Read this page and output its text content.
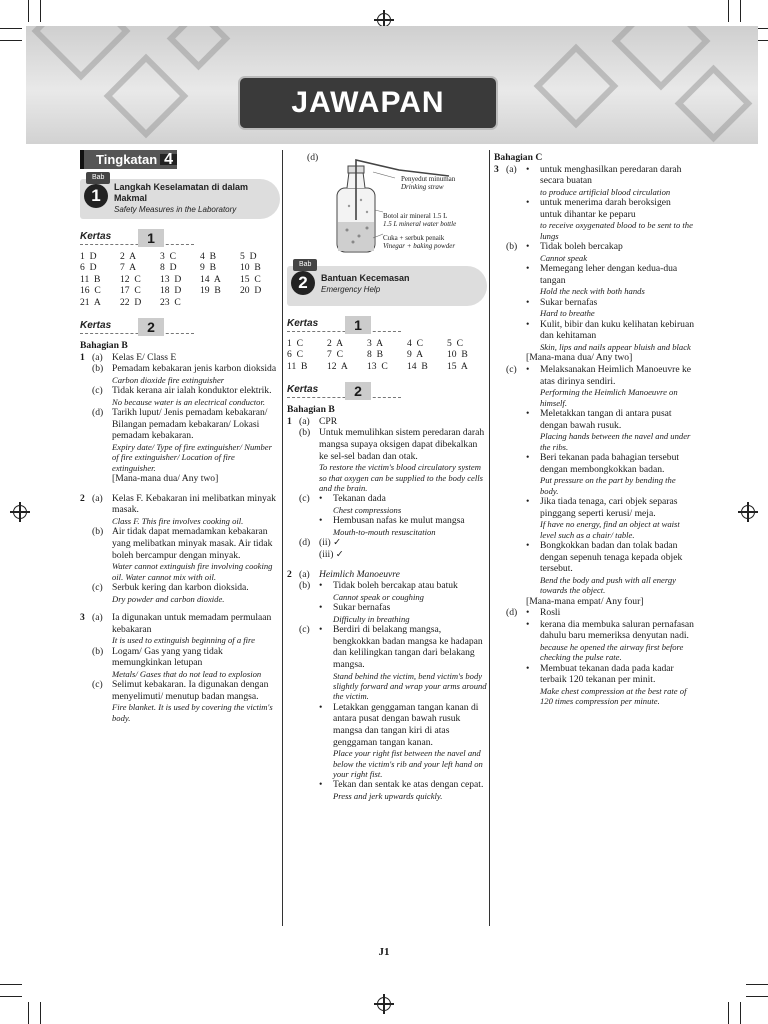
JAWAPAN
Tingkatan 4
Bab
1	Langkah Keselamatan di dalam Makmal
Safety Measures in the Laboratory
Kertas	1
1  D	2  A	3  C	4  B	5  D
6  D	7  A	8  D	9  B	10  B
11  B	12  C	13  D	14  A	15  C
16  C	17  C	18  D	19  B	20  D
21  A	22  D	23  C
Kertas	2
Bahagian B
1 (a) Kelas E/ Class E
(b) Pemadam kebakaran jenis karbon dioksida
Carbon dioxide fire extinguisher
(c) Tidak kerana air ialah konduktor elektrik.
No because water is an electrical conductor.
(d) Tarikh luput/ Jenis pemadam kebakaran/ Bilangan pemadam kebakaran/ Lokasi pemadam kebakaran.
Expiry date/ Type of fire extinguisher/ Number of fire extinguisher/ Location of fire extinguisher.
[Mana-mana dua/ Any two]
2 (a) Kelas F. Kebakaran ini melibatkan minyak masak.
Class F. This fire involves cooking oil.
(b) Air tidak dapat memadamkan kebakaran yang melibatkan minyak masak. Air tidak boleh bercampur dengan minyak.
Water cannot extinguish fire involving cooking oil. Water cannot mix with oil.
(c) Serbuk kering dan karbon dioksida.
Dry powder and carbon dioxide.
3 (a) Ia digunakan untuk memadam permulaan kebakaran
It is used to extinguish beginning of a fire
(b) Logam/ Gas yang yang tidak memungkinkan letupan
Metals/ Gases that do not lead to explosion
(c) Selimut kebakaran. Ia digunakan dengan menyelimuti/ menutup badan mangsa.
Fire blanket. It is used by covering the victim's body.
(d)
Penyedut minuman
Drinking straw
Botol air mineral 1.5 L
1.5 L mineral water bottle
Cuka + serbuk penaik
Vinegar + baking powder
Bab
2	Bantuan Kecemasan
Emergency Help
Kertas	1
1  C	2  A	3  A	4  C	5  C
6  C	7  C	8  B	9  A	10  B
11  B	12  A	13  C	14  B	15  A
Kertas	2
Bahagian B
1 (a) CPR
(b) Untuk memulihkan sistem peredaran darah mangsa supaya oksigen dapat dibekalkan ke sel-sel badan dan otak.
To restore the victim's blood circulatory system so that oxygen can be supplied to the body cells and the brain.
(c) •	Tekanan dada
Chest compressions
•	Hembusan nafas ke mulut mangsa
Mouth-to-mouth resuscitation
(d) (ii) ✓
(iii) ✓
2 (a) Heimlich Manoeuvre
(b) •	Tidak boleh bercakap atau batuk
Cannot speak or coughing
•	Sukar bernafas
Difficulty in breathing
(c) •	Berdiri di belakang mangsa, bengkokkan badan mangsa ke hadapan dan kelilingkan tangan dari belakang mangsa.
Stand behind the victim, bend victim's body slightly forward and wrap your arms around the victim.
•	Letakkan genggaman tangan kanan di antara pusat dengan bawah rusuk mangsa dan tangan kiri di atas genggaman tangan kanan.
Place your right fist between the navel and below the victim's rib and your left hand on your right fist.
•	Tekan dan sentak ke atas dengan cepat.
Press and jerk upwards quickly.
Bahagian C
3 (a) •	untuk menghasilkan peredaran darah secara buatan
to produce artificial blood circulation
•	untuk menerima darah beroksigen untuk dihantar ke peparu
to receive oxygenated blood to be sent to the lungs
(b) •	Tidak boleh bercakap
Cannot speak
•	Memegang leher dengan kedua-dua tangan
Hold the neck with both hands
•	Sukar bernafas
Hard to breathe
•	Kulit, bibir dan kuku kelihatan kebiruan dan kehitaman
Skin, lips and nails appear bluish and black
[Mana-mana dua/ Any two]
(c) •	Melaksanakan Heimlich Manoeuvre ke atas dirinya sendiri.
Performing the Heimlich Manoeuvre on himself.
•	Meletakkan tangan di antara pusat dengan bawah rusuk.
Placing hands between the navel and under the ribs.
•	Beri tekanan pada bahagian tersebut dengan membongkokkan badan.
Put pressure on the part by bending the body.
•	Jika tiada tenaga, cari objek separas pinggang seperti kerusi/ meja.
If have no energy, find an object at waist level such as a chair/ table.
•	Bongkokkan badan dan tolak badan dengan sepenuh tenaga kepada objek tersebut.
Bend the body and push with all energy towards the object.
[Mana-mana empat/ Any four]
(d) •	Rosli
•	kerana dia membuka saluran pernafasan dahulu baru memeriksa denyutan nadi.
because he opened the airway first before checking the pulse rate.
•	Membuat tekanan dada pada kadar terbaik 120 tekanan per minit.
Make chest compression at the best rate of 120 times compression per minute.
J1
